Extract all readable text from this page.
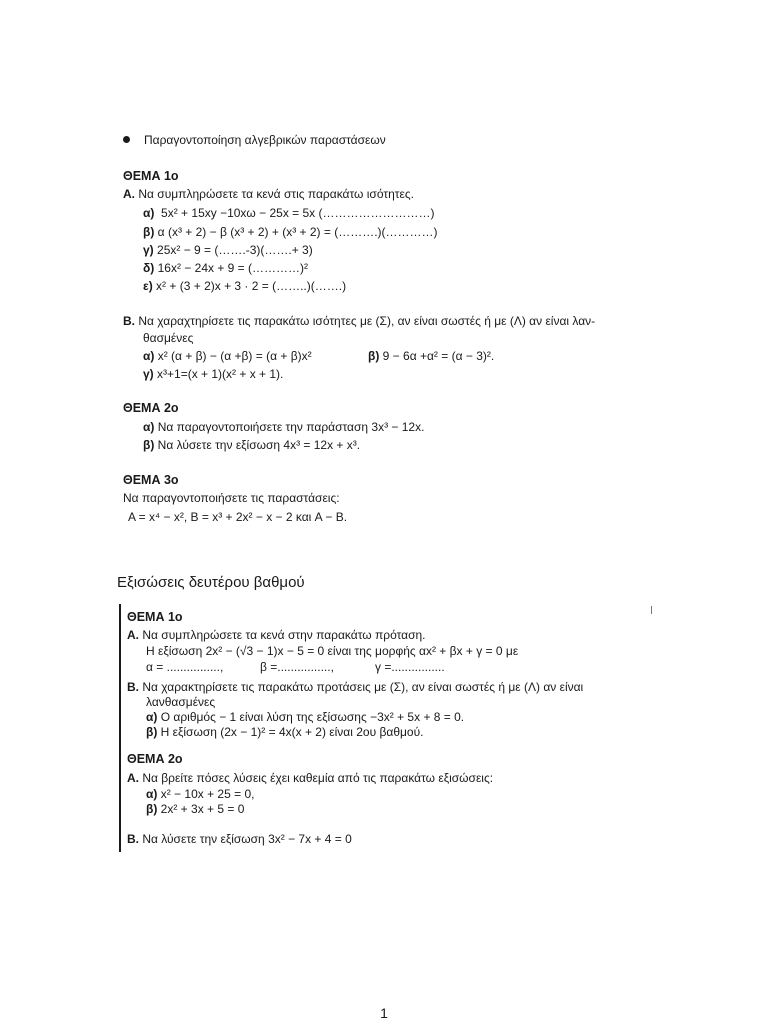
Παραγοντοποίηση αλγεβρικών παραστάσεων
ΘΕΜΑ 1ο
Α. Να συμπληρώσετε τα κενά στις παρακάτω ισότητες.
α) 5x² + 15xy −10xω − 25x = 5x (………………………)
β) α (x³ + 2) − β (x³ + 2) + (x³ + 2) = (……….)(…………)
γ) 25x² − 9 = (…….-3)(…….+ 3)
δ) 16x² − 24x + 9 = (…………)²
ε) x² + (3 + 2)x + 3 · 2 = (……..)(…….)
Β. Να χαραχτηρίσετε τις παρακάτω ισότητες με (Σ), αν είναι σωστές ή με (Λ) αν είναι λαν-
θασμένες
α) x² (α + β) − (α +β) = (α + β)x²	β) 9 − 6α +α² = (α − 3)².
γ) x³+1=(x + 1)(x² + x + 1).
ΘΕΜΑ 2ο
α) Να παραγοντοποιήσετε την παράσταση 3x³ − 12x.
β) Να λύσετε την εξίσωση 4x³ = 12x + x³.
ΘΕΜΑ 3ο
Να παραγοντοποιήσετε τις παραστάσεις:
A = x⁴ − x², B = x³ + 2x² − x − 2 και A − B.
Εξισώσεις δευτέρου βαθμού
ΘΕΜΑ 1ο
Α. Να συμπληρώσετε τα κενά στην παρακάτω πρόταση.
Η εξίσωση 2x² − (√3 − 1)x − 5 = 0 είναι της μορφής αx² + βx + γ = 0 με
α = ................,	β =................,	γ =................
Β. Να χαρακτηρίσετε τις παρακάτω προτάσεις με (Σ), αν είναι σωστές ή με (Λ) αν είναι
λανθασμένες
α) Ο αριθμός − 1 είναι λύση της εξίσωσης −3x² + 5x + 8 = 0.
β) Η εξίσωση (2x − 1)² = 4x(x + 2) είναι 2ου βαθμού.
ΘΕΜΑ 2ο
Α. Να βρείτε πόσες λύσεις έχει καθεμία από τις παρακάτω εξισώσεις:
α) x² − 10x + 25 = 0,
β) 2x² + 3x + 5 = 0
Β. Να λύσετε την εξίσωση 3x² − 7x + 4 = 0
1
